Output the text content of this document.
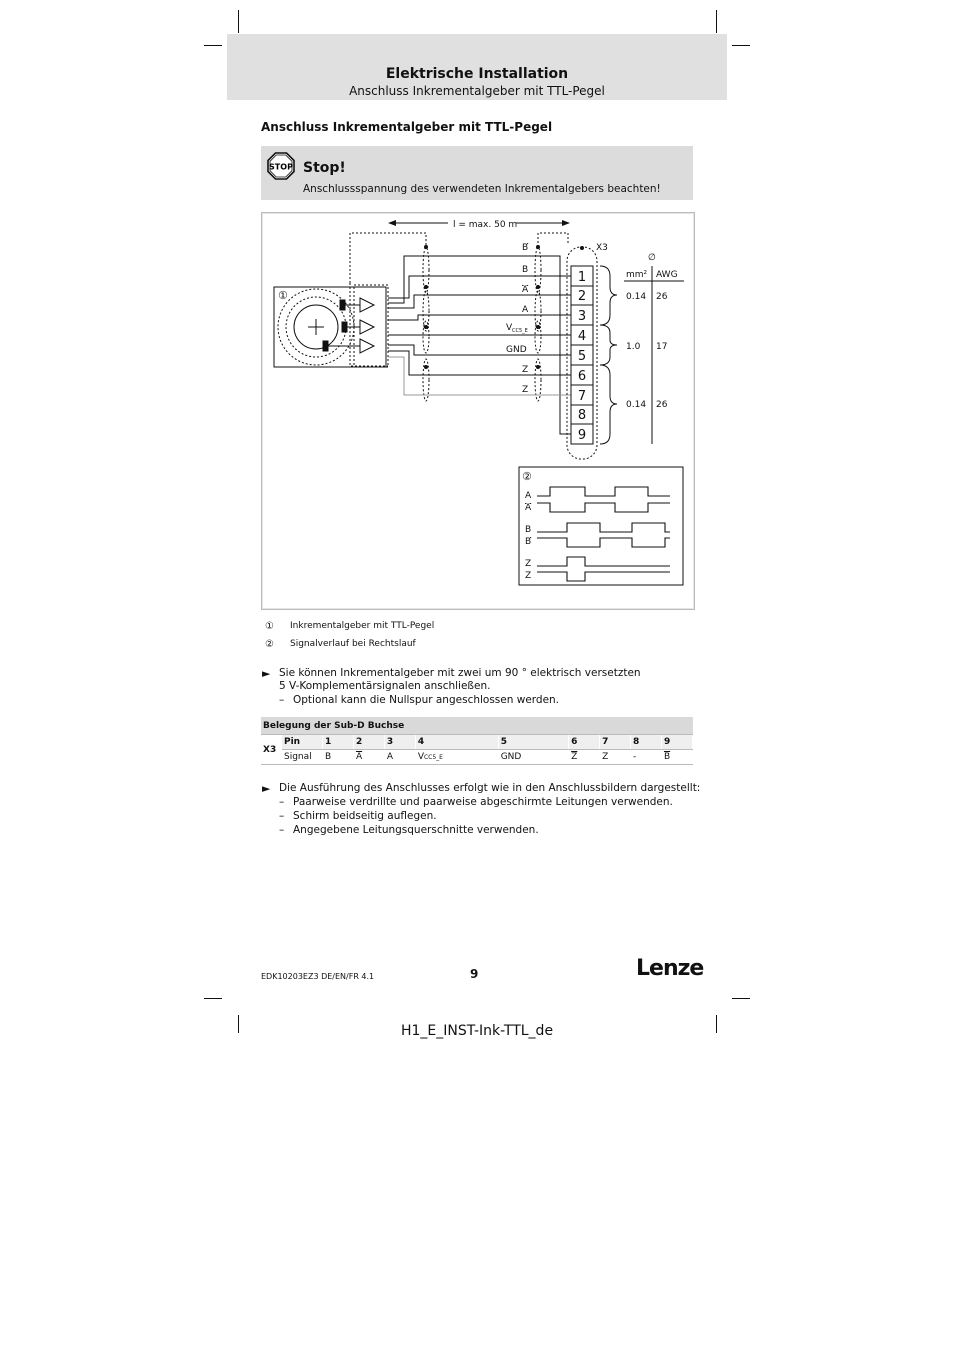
Elektrische Installation
Anschluss Inkrementalgeber mit TTL-Pegel
Anschluss Inkrementalgeber mit TTL-Pegel
STOP Stop!
Anschlussspannung des verwendeten Inkrementalgebers beachten!
l = max. 50 m
X3
①
B
B
A
A
V CC5_E
GND
Z
Z
1
2
3
4
5
6
7
8
9
∅
mm² AWG
0.14 26
1.0 17
0.14 26
②
A
A
B
B
Z
Z
① Inkrementalgeber mit TTL-Pegel
② Signalverlauf bei Rechtslauf
► Sie können Inkrementalgeber mit zwei um 90 ° elektrisch versetzten
5 V-Komplementärsignalen anschließen.
– Optional kann die Nullspur angeschlossen werden.
Belegung der Sub-D Buchse										
X3	Pin	1	2	3	4	5	6	7	8	9
	Signal	B	$\overline{A}$	A	VCC5_E	GND	$\overline{Z}$	Z	-	$\overline{B}$
► Die Ausführung des Anschlusses erfolgt wie in den Anschlussbildern dargestellt:
– Paarweise verdrillte und paarweise abgeschirmte Leitungen verwenden.
– Schirm beidseitig auflegen.
– Angegebene Leitungsquerschnitte verwenden.
EDK10203EZ3 DE/EN/FR 4.1	9	Lenze
H1_E_INST-Ink-TTL_de
